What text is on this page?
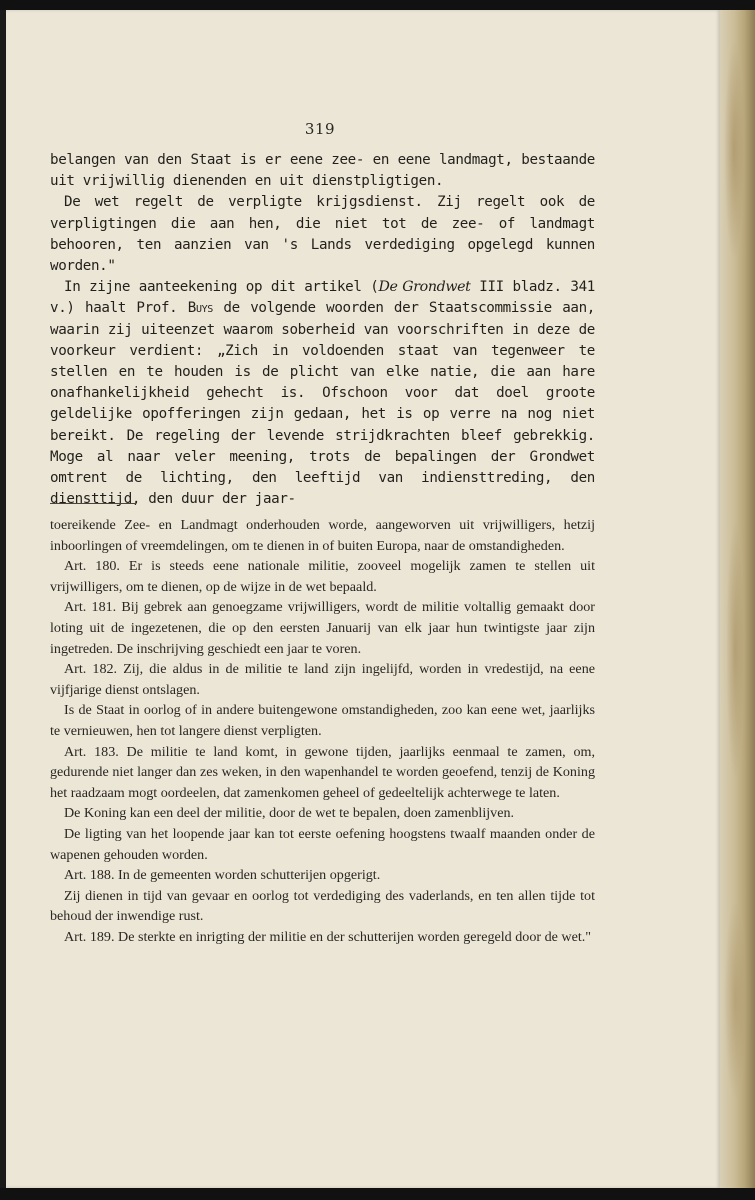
319

belangen van den Staat is er eene zee- en eene landmagt, bestaande uit vrijwillig dienenden en uit dienstpligtigen.

De wet regelt de verpligte krijgsdienst. Zij regelt ook de verpligtingen die aan hen, die niet tot de zee- of landmagt behooren, ten aanzien van 's Lands verdediging opgelegd kunnen worden."

In zijne aanteekening op dit artikel (De Grondwet III bladz. 341 v.) haalt Prof. Buys de volgende woorden der Staatscommissie aan, waarin zij uiteenzet waarom soberheid van voorschriften in deze de voorkeur verdient: „Zich in voldoenden staat van tegenweer te stellen en te houden is de plicht van elke natie, die aan hare onafhankelijkheid gehecht is. Ofschoon voor dat doel groote geldelijke opofferingen zijn gedaan, het is op verre na nog niet bereikt. De regeling der levende strijdkrachten bleef gebrekkig. Moge al naar veler meening, trots de bepalingen der Grondwet omtrent de lichting, den leeftijd van indiensttreding, den diensttijd, den duur der jaar-

toereikende Zee- en Landmagt onderhouden worde, aangeworven uit vrijwilligers, hetzij inboorlingen of vreemdelingen, om te dienen in of buiten Europa, naar de omstandigheden.

Art. 180. Er is steeds eene nationale militie, zooveel mogelijk zamen te stellen uit vrijwilligers, om te dienen, op de wijze in de wet bepaald.

Art. 181. Bij gebrek aan genoegzame vrijwilligers, wordt de militie voltallig gemaakt door loting uit de ingezetenen, die op den eersten Januarij van elk jaar hun twintigste jaar zijn ingetreden. De inschrijving geschiedt een jaar te voren.

Art. 182. Zij, die aldus in de militie te land zijn ingelijfd, worden in vredestijd, na eene vijfjarige dienst ontslagen.

Is de Staat in oorlog of in andere buitengewone omstandigheden, zoo kan eene wet, jaarlijks te vernieuwen, hen tot langere dienst verpligten.

Art. 183. De militie te land komt, in gewone tijden, jaarlijks eenmaal te zamen, om, gedurende niet langer dan zes weken, in den wapenhandel te worden geoefend, tenzij de Koning het raadzaam mogt oordeelen, dat zamenkomen geheel of gedeeltelijk achterwege te laten.

De Koning kan een deel der militie, door de wet te bepalen, doen zamenblijven.

De ligting van het loopende jaar kan tot eerste oefening hoogstens twaalf maanden onder de wapenen gehouden worden.

Art. 188. In de gemeenten worden schutterijen opgerigt.

Zij dienen in tijd van gevaar en oorlog tot verdediging des vaderlands, en ten allen tijde tot behoud der inwendige rust.

Art. 189. De sterkte en inrigting der militie en der schutterijen worden geregeld door de wet."
